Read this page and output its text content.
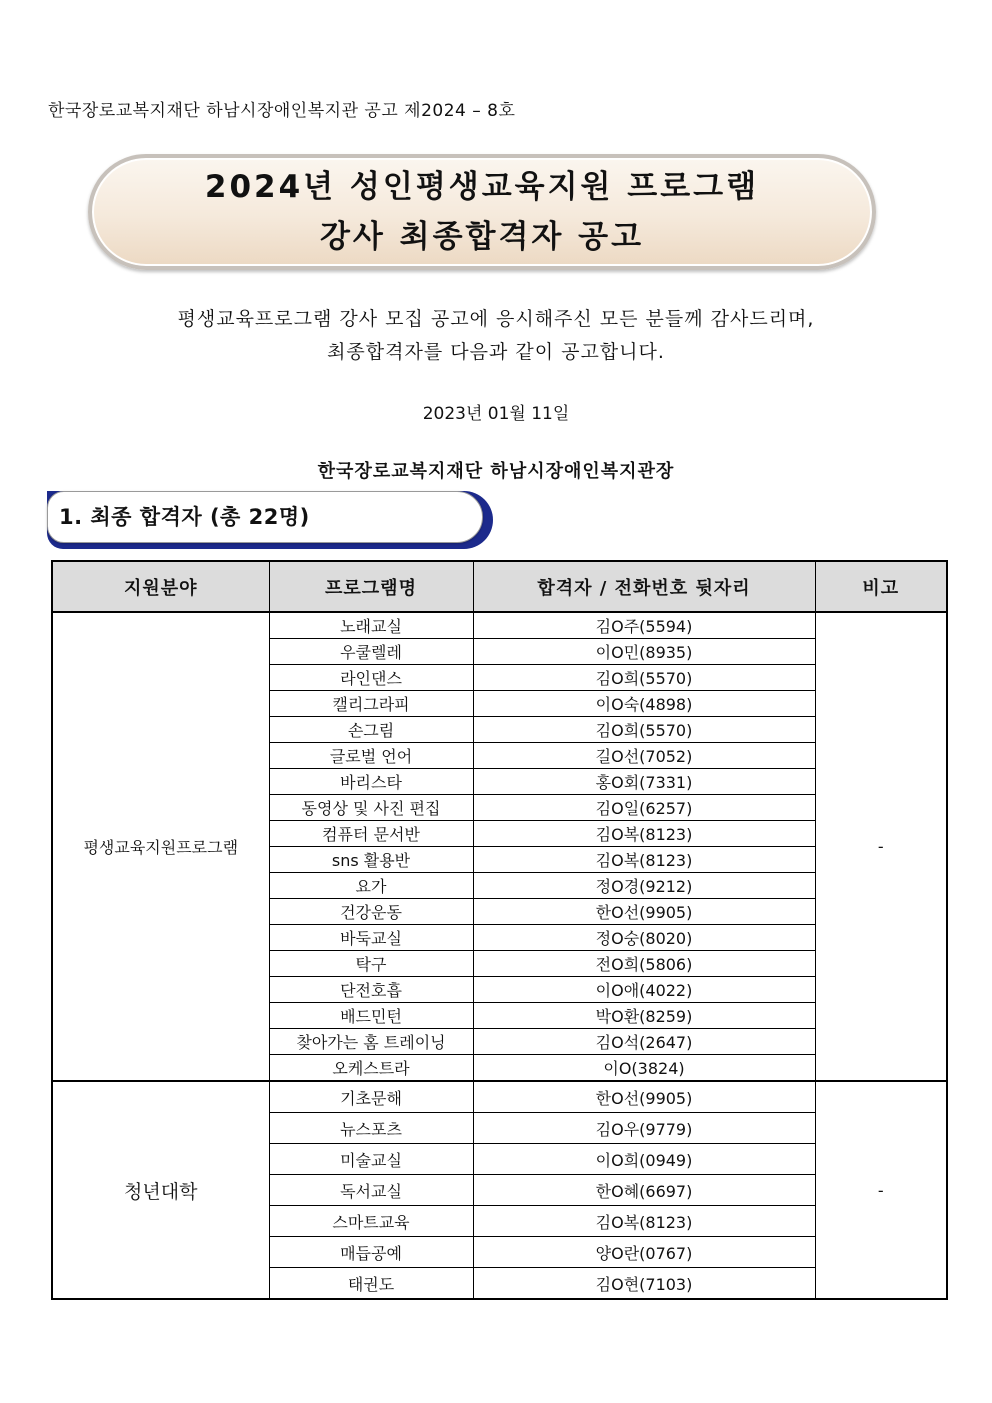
한국장로교복지재단 하남시장애인복지관 공고 제2024 – 8호
2024년 성인평생교육지원 프로그램
강사 최종합격자 공고
평생교육프로그램 강사 모집 공고에 응시해주신 모든 분들께 감사드리며,
최종합격자를 다음과 같이 공고합니다.
2023년 01월 11일
한국장로교복지재단 하남시장애인복지관장
1. 최종 합격자 (총 22명)
지원분야	프로그램명	합격자 / 전화번호 뒷자리	비고
평생교육지원프로그램	노래교실	김O주(5594)	-
	우쿨렐레	이O민(8935)	
	라인댄스	김O희(5570)	
	캘리그라피	이O숙(4898)	
	손그림	김O희(5570)	
	글로벌 언어	길O선(7052)	
	바리스타	홍O회(7331)	
	동영상 및 사진 편집	김O일(6257)	
	컴퓨터 문서반	김O복(8123)	
	sns 활용반	김O복(8123)	
	요가	정O경(9212)	
	건강운동	한O선(9905)	
	바둑교실	정O숭(8020)	
	탁구	전O희(5806)	
	단전호흡	이O애(4022)	
	배드민턴	박O환(8259)	
	찾아가는 홈 트레이닝	김O석(2647)	
	오케스트라	이O(3824)	
청년대학	기초문해	한O선(9905)	-
	뉴스포츠	김O우(9779)	
	미술교실	이O희(0949)	
	독서교실	한O혜(6697)	
	스마트교육	김O복(8123)	
	매듭공예	양O란(0767)	
	태권도	김O현(7103)	
